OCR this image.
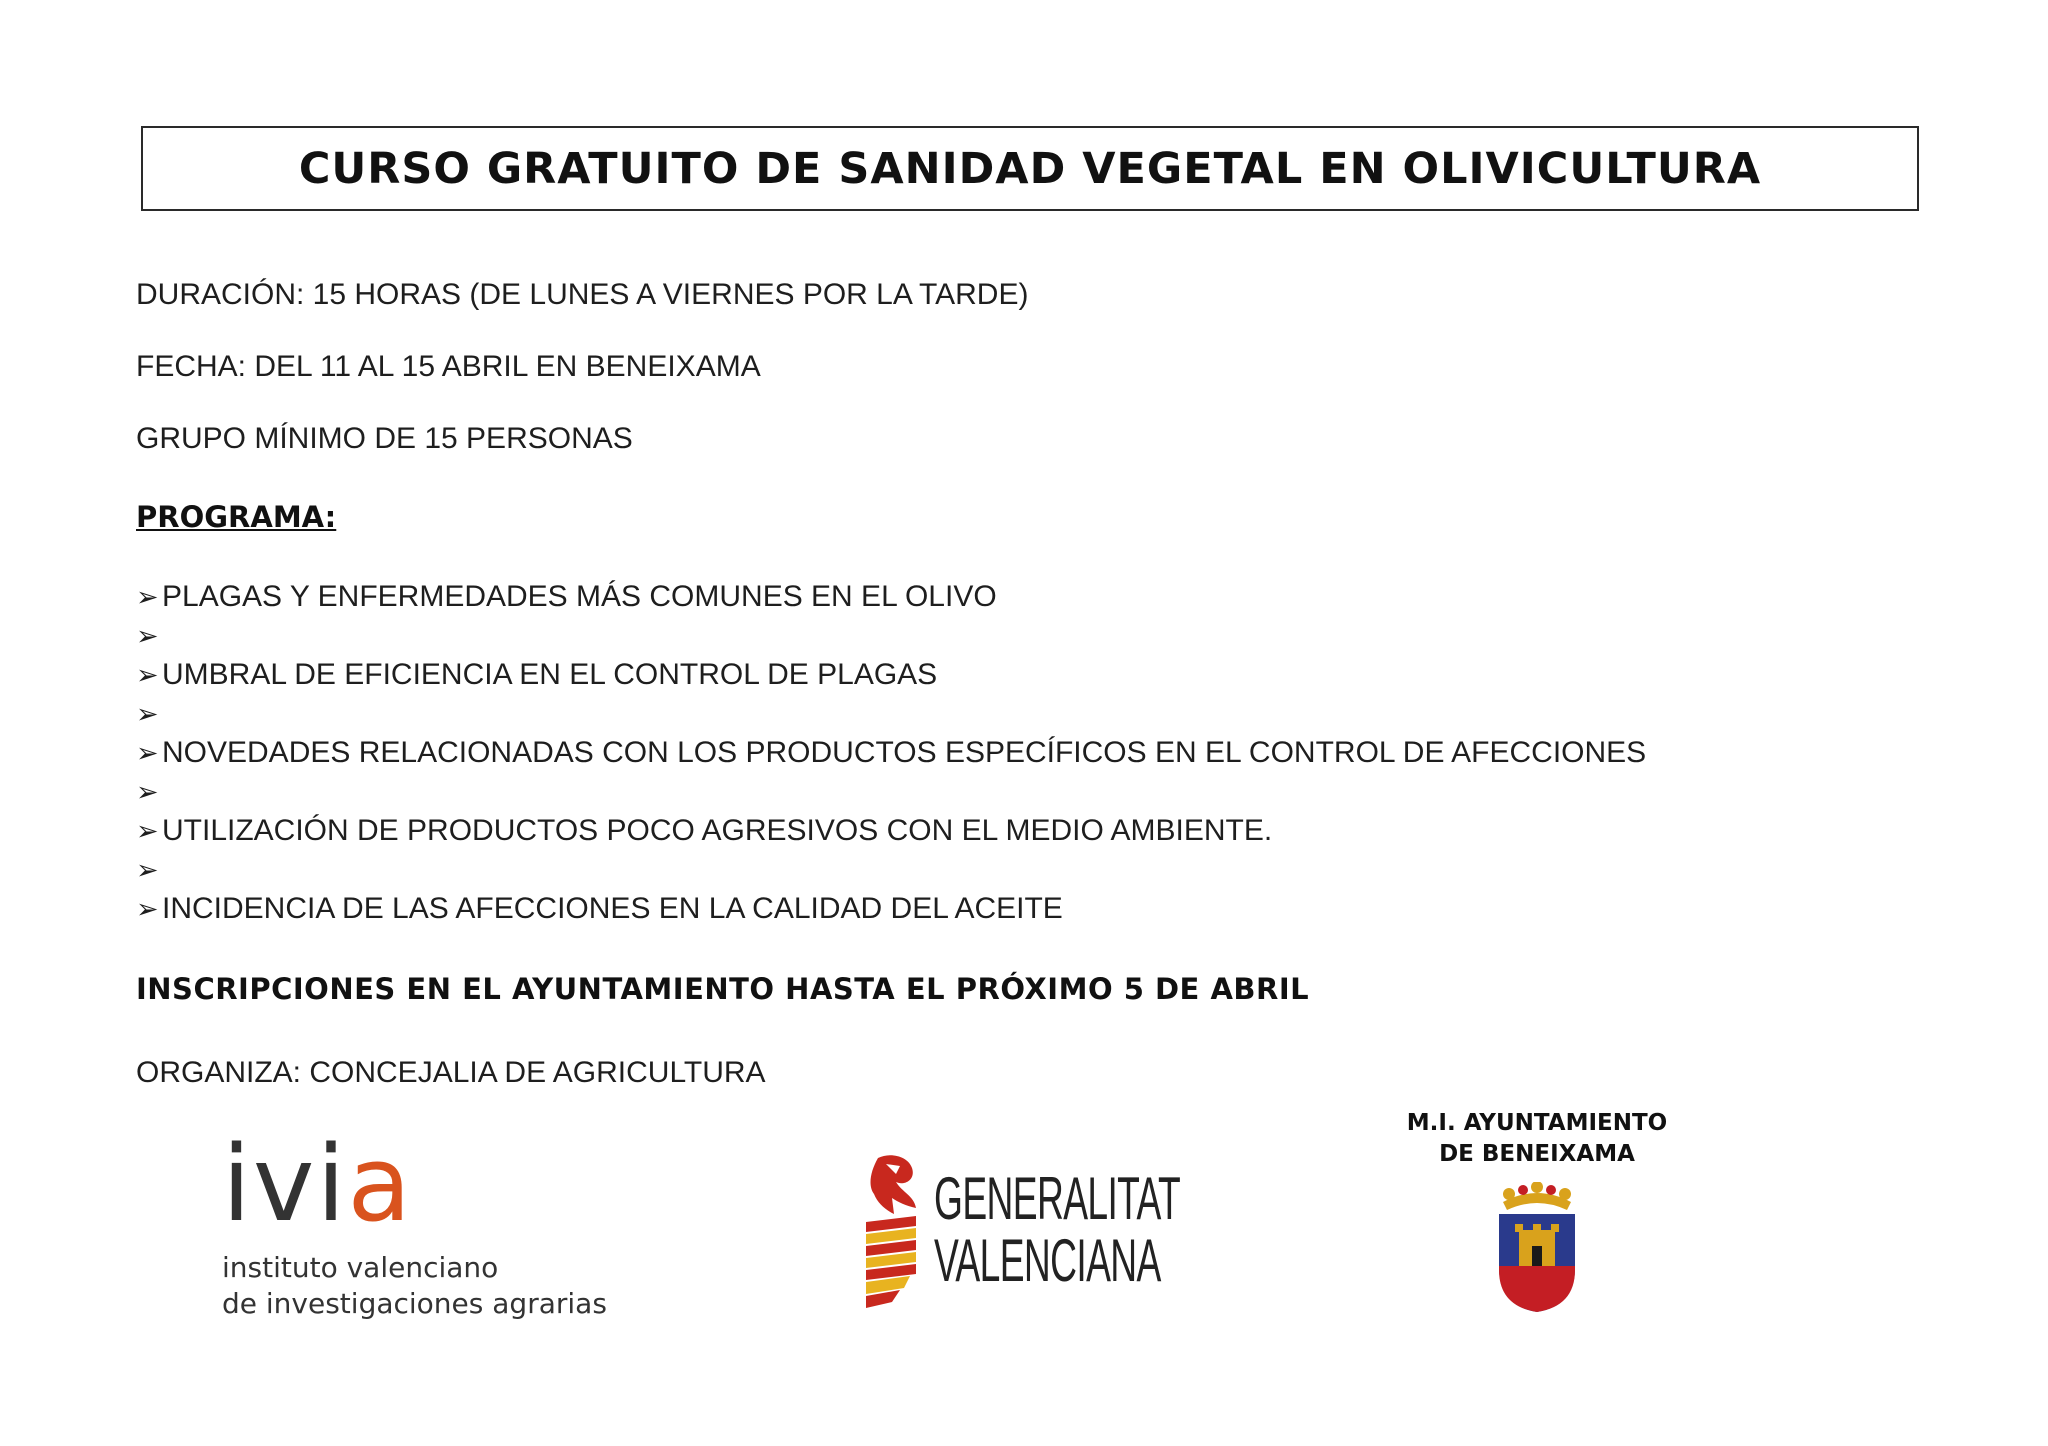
CURSO GRATUITO DE SANIDAD VEGETAL EN OLIVICULTURA
DURACIÓN: 15 HORAS (DE LUNES A VIERNES POR LA TARDE)
FECHA: DEL 11 AL 15 ABRIL EN BENEIXAMA
GRUPO MÍNIMO DE 15 PERSONAS
PROGRAMA:
➢ PLAGAS Y ENFERMEDADES MÁS COMUNES EN EL OLIVO
➢
➢ UMBRAL DE EFICIENCIA EN EL CONTROL DE PLAGAS
➢
➢ NOVEDADES RELACIONADAS CON LOS PRODUCTOS ESPECÍFICOS EN EL CONTROL DE AFECCIONES
➢
➢ UTILIZACIÓN DE PRODUCTOS POCO AGRESIVOS CON EL MEDIO AMBIENTE.
➢
➢ INCIDENCIA DE LAS AFECCIONES EN LA CALIDAD DEL ACEITE
INSCRIPCIONES EN EL AYUNTAMIENTO HASTA EL PRÓXIMO 5 DE ABRIL
ORGANIZA: CONCEJALIA DE AGRICULTURA
ivia
instituto valenciano
de investigaciones agrarias
GENERALITAT
VALENCIANA
M.I. AYUNTAMIENTO
DE BENEIXAMA
